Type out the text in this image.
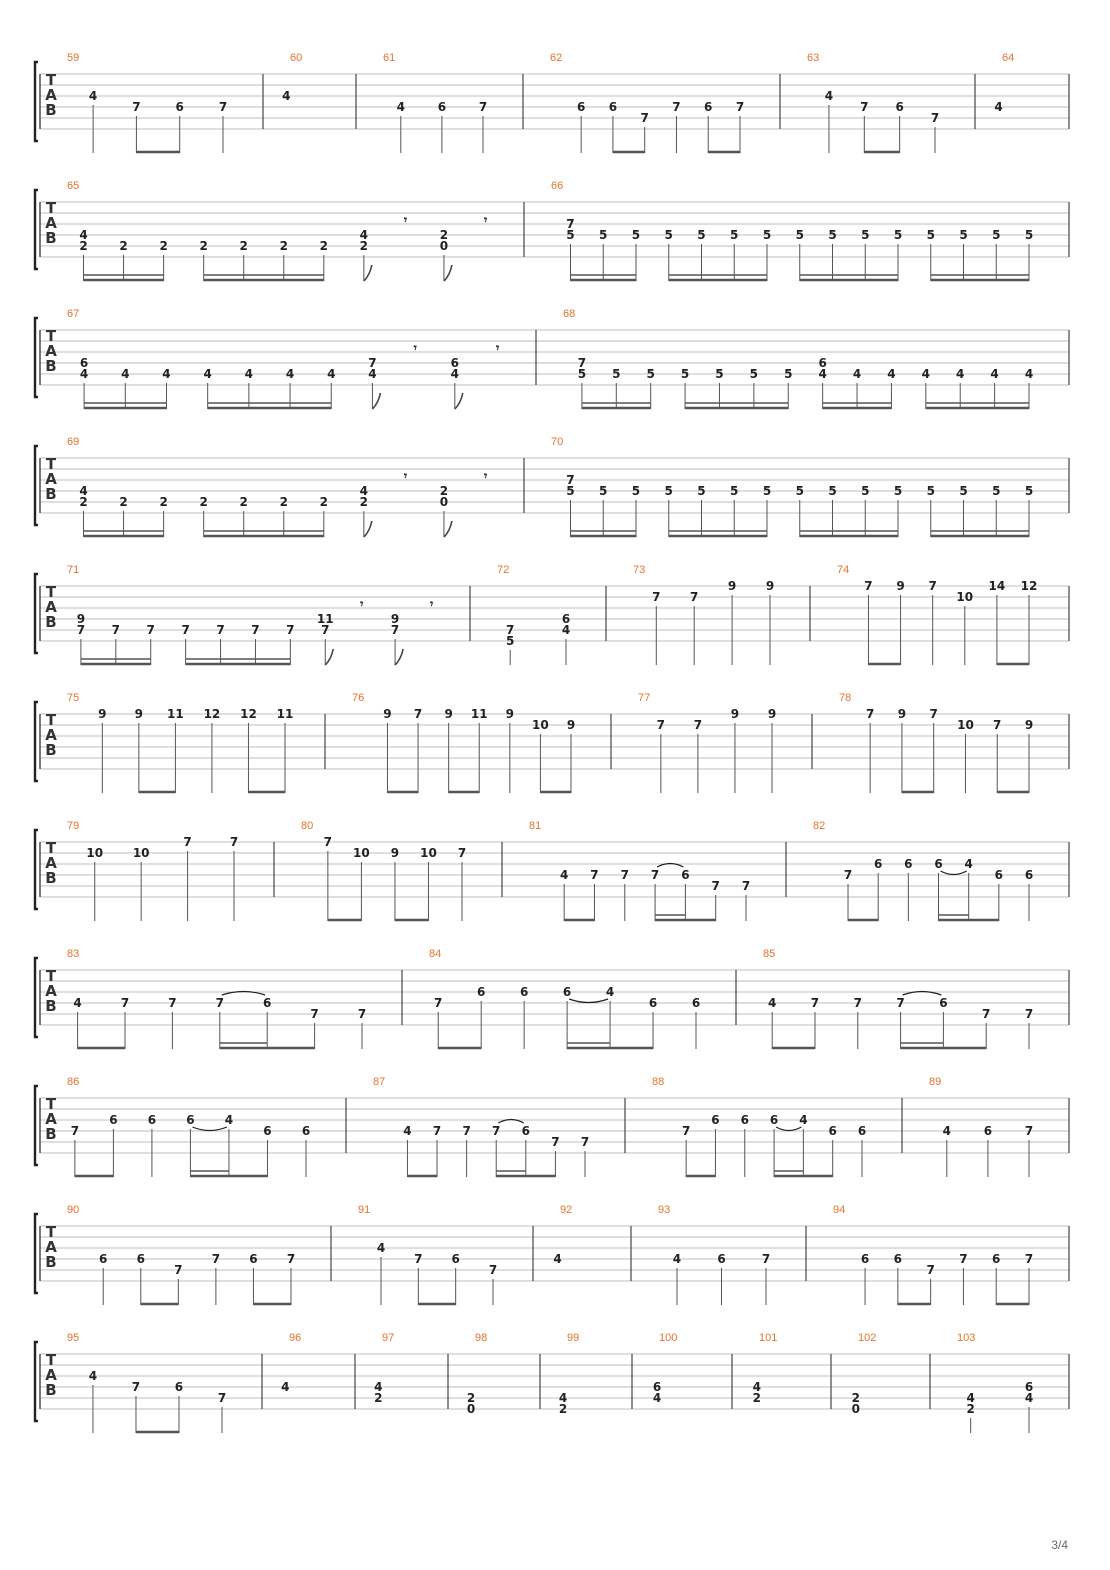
T
A
B
59
4
7	6	7
60
4
61
4	6	7
62
6 6
7
7 6 7
63
4
7 6
7
64
4
T
A
B
65
4
2	2	2	2	2	2	2
4
2
𝄾
2
0
𝄾
66
7
5 5 5 5 5 5 5 5 5 5 5 5 5 5 5
T
A
B
67
6
4	4	4	4	4	4	4
7
4
𝄾
6
4
𝄾
68
7
5 5 5 5 5 5 5
6
4 4 4 4 4 4 4
T
A
B
69
4
2	2	2	2	2	2	2
4
2
𝄾
2
0
𝄾
70
7
5 5 5 5 5 5 5 5 5 5 5 5 5 5 5
T
A
B
71
9
7 7 7 7 7 7 7
11
7
𝄾
9
7
𝄾
72
7
5
6
4
73
7 7
9 9
74
7 9 7
10
14 12
T
A
B
75
9 9 11 12 12 11
76
9 7 9 11 9
10 9
77
7 7
9 9
78
7 9 7
10 7 9
T
A
B
79
10 10
7	7
80
7
10 9 10 7
81
4 7 7 7 6
7 7
82
7
6 6 6 4
6 6
T
A
B
83
4	7	7	7	6
7	7
84
7
6	6	6	4
6	6
85
4	7	7	7	6
7	7
T
A
B
86
7
6	6	6	4
6	6
87
4 7 7 7 6
7 7
88
7
6 6 6 4
6 6
89
4	6	7
T
A
B
90
6 6
7
7 6 7
91
4
7 6
7
92
4
93
4	6	7
94
6 6
7
7 6 7
T
A
B
95
4
7	6
7
96
4
97
4
2
98
2
0
99
4
2
100
6
4
101
4
2
102
2
0
103
4
2
6
4
3/4
